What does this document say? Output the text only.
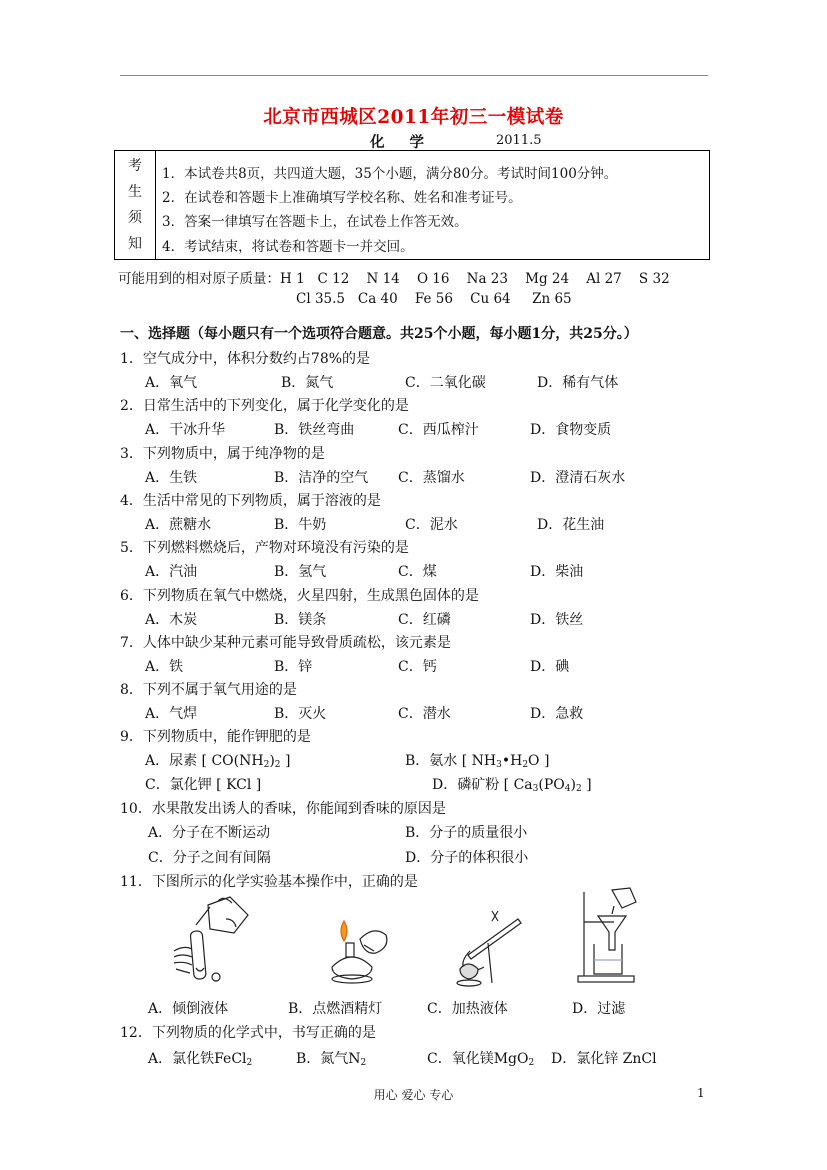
北京市西城区2011年初三一模试卷
化 学	2011.5
考
生
须
知
1．本试卷共8页，共四道大题，35个小题，满分80分。考试时间100分钟。
2．在试卷和答题卡上准确填写学校名称、姓名和准考证号。
3．答案一律填写在答题卡上，在试卷上作答无效。
4．考试结束，将试卷和答题卡一并交回。
可能用到的相对原子质量：H 1   C 12    N 14    O 16    Na 23    Mg 24    Al 27    S 32
Cl 35.5   Ca 40    Fe 56    Cu 64     Zn 65
一、选择题（每小题只有一个选项符合题意。共25个小题，每小题1分，共25分。）
1．空气成分中，体积分数约占78%的是
A．氧气	B．氮气	C．二氧化碳	D．稀有气体
2．日常生活中的下列变化，属于化学变化的是
A．干冰升华	B．铁丝弯曲	C．西瓜榨汁	D．食物变质
3．下列物质中，属于纯净物的是
A．生铁	B．洁净的空气 C．蒸馏水	D．澄清石灰水
4．生活中常见的下列物质，属于溶液的是
A．蔗糖水	B．牛奶	C．泥水	D．花生油
5．下列燃料燃烧后，产物对环境没有污染的是
A．汽油	B．氢气	C．煤	D．柴油
6．下列物质在氧气中燃烧，火星四射，生成黑色固体的是
A．木炭	B．镁条	C．红磷	D．铁丝
7．人体中缺少某种元素可能导致骨质疏松，该元素是
A．铁	B．锌	C．钙	D．碘
8．下列不属于氧气用途的是
A．气焊	B．灭火	C．潜水	D．急救
9．下列物质中，能作钾肥的是
A．尿素 [ $CO(NH_2)_2$ ]	B．氨水 [ $NH_3•H_2O$ ]
C．氯化钾 [ KCl ]	D．磷矿粉 [ $Ca_3(PO_4)_2$ ]
10．水果散发出诱人的香味，你能闻到香味的原因是
A．分子在不断运动	B．分子的质量很小
C．分子之间有间隔	D．分子的体积很小
11．下图所示的化学实验基本操作中，正确的是
A．倾倒液体	B．点燃酒精灯	C．加热液体	D．过滤
12．下列物质的化学式中，书写正确的是
A．氯化铁FeCl$_2$	B．氮气$N_2$	C．氧化镁MgO$_2$ D．氯化锌 ZnCl
用心 爱心 专心	1
